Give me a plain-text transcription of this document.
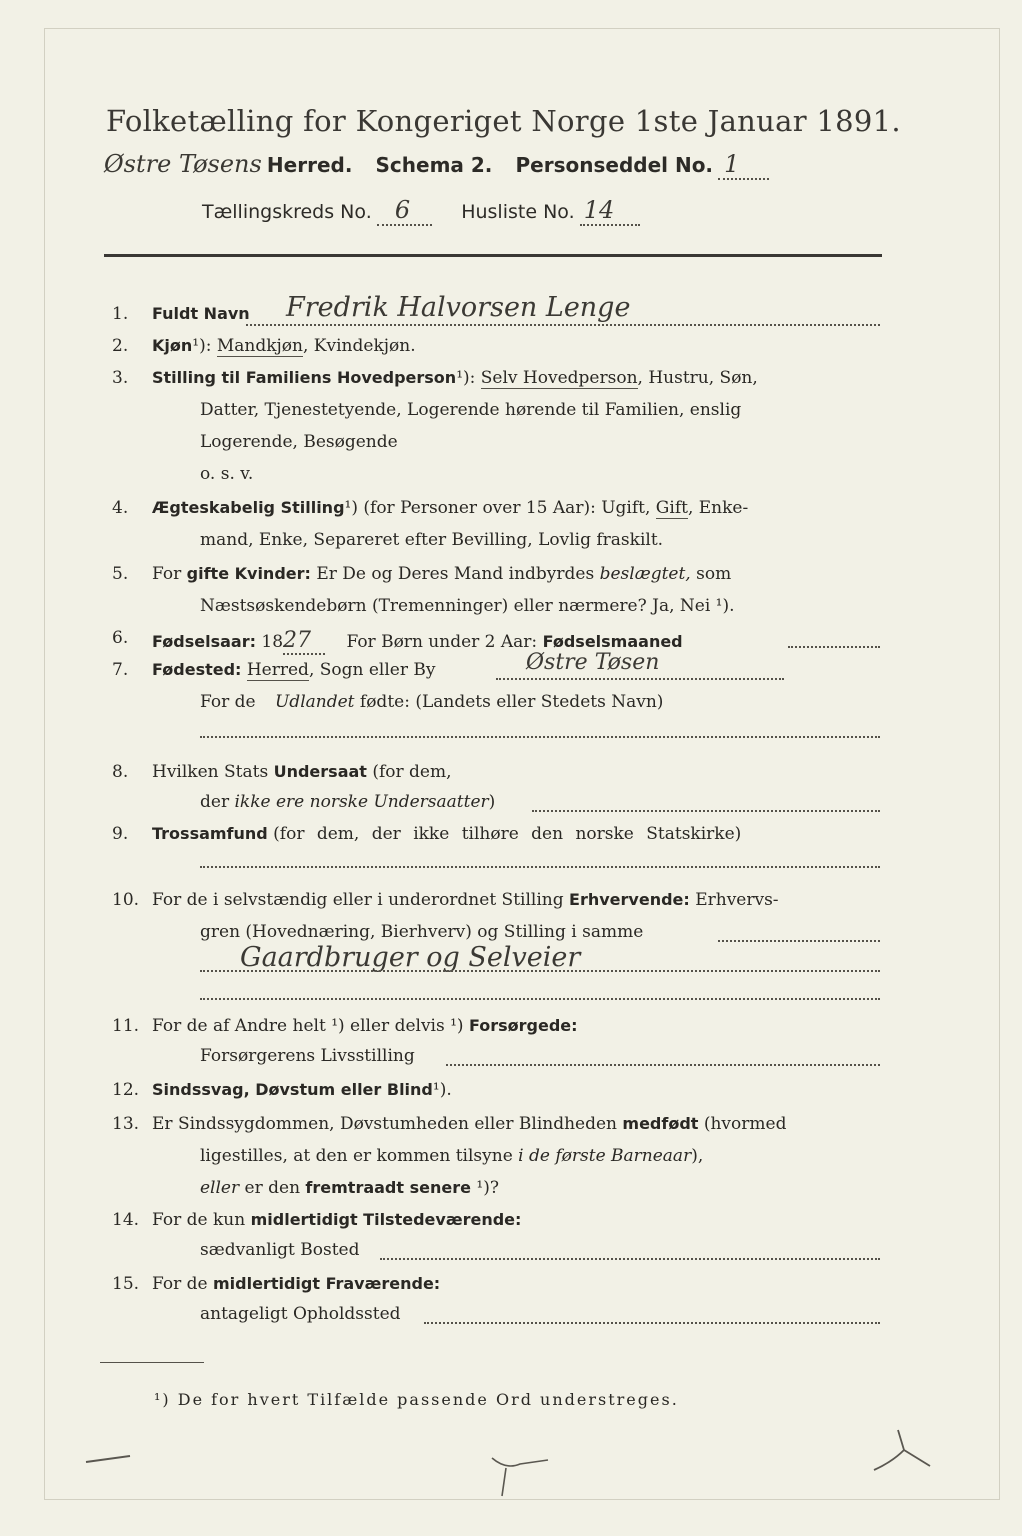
Folketælling for Kongeriget Norge 1ste Januar 1891.
Østre Tøsens Herred. Schema 2. Personseddel No. 1
Tællingskreds No. 6	Husliste No. 14
1. Fuldt Navn Fredrik Halvorsen Lenge
2. Kjøn¹): Mandkjøn, Kvindekjøn.
3. Stilling til Familiens Hovedperson¹): Selv Hovedperson, Hustru, Søn,
Datter, Tjenestetyende, Logerende hørende til Familien, enslig
Logerende, Besøgende
o. s. v.
4. Ægteskabelig Stilling¹) (for Personer over 15 Aar): Ugift, Gift, Enke-
mand, Enke, Separeret efter Bevilling, Lovlig fraskilt.
5. For gifte Kvinder: Er De og Deres Mand indbyrdes beslægtet, som
Næstsøskendebørn (Tremenninger) eller nærmere? Ja, Nei ¹).
6. Fødselsaar: 1827 For Børn under 2 Aar: Fødselsmaaned
7. Fødested: Herred, Sogn eller By	Østre Tøsen
For de Udlandet fødte: (Landets eller Stedets Navn)
8. Hvilken Stats Undersaat (for dem,
der ikke ere norske Undersaatter)
9. Trossamfund (for dem, der ikke tilhøre den norske Statskirke)
10. For de i selvstændig eller i underordnet Stilling Erhvervende: Erhvervs-
gren (Hovednæring, Bierhverv) og Stilling i samme
Gaardbruger og Selveier
11. For de af Andre helt ¹) eller delvis ¹) Forsørgede:
Forsørgerens Livsstilling
12. Sindssvag, Døvstum eller Blind¹).
13. Er Sindssygdommen, Døvstumheden eller Blindheden medfødt (hvormed
ligestilles, at den er kommen tilsyne i de første Barneaar),
eller er den fremtraadt senere ¹)?
14. For de kun midlertidigt Tilstedeværende:
sædvanligt Bosted
15. For de midlertidigt Fraværende:
antageligt Opholdssted
¹) De for hvert Tilfælde passende Ord understreges.
